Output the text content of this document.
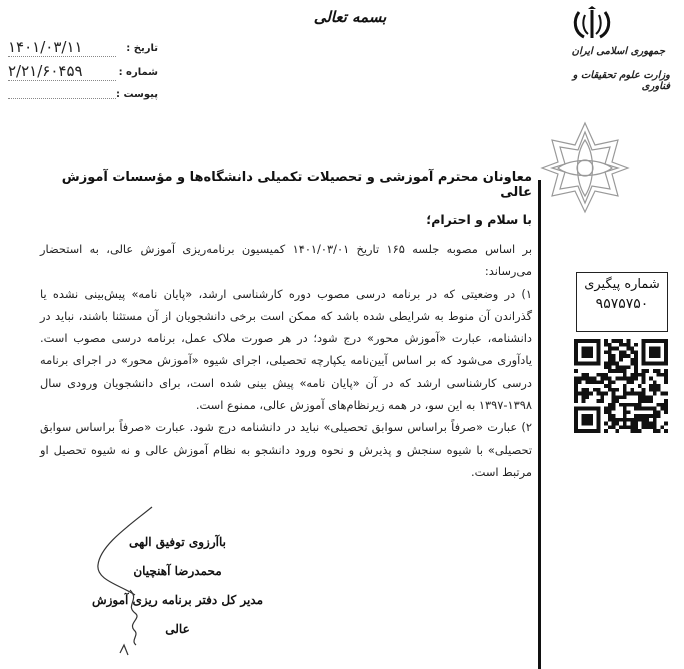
تاریخ :
۱۴۰۱/۰۳/۱۱
شماره :
۲/۲۱/۶۰۴۵۹
پیوست :
بسمه تعالی
جمهوری اسلامی ایران
وزارت علوم تحقیقات و فناوری
معاونان محترم آموزشی و تحصیلات تکمیلی دانشگاه‌ها و مؤسسات آموزش عالی
با سلام و احترام؛

بر اساس مصوبه جلسه ۱۶۵ تاریخ ۱۴۰۱/۰۳/۰۱ کمیسیون برنامه‌ریزی آموزش عالی، به استحضار می‌رساند:

۱) در وضعیتی که در برنامه درسی مصوب دوره کارشناسی ارشد، «پایان نامه» پیش‌بینی نشده یا گذراندن آن منوط به شرایطی شده باشد که ممکن است برخی دانشجویان از آن مستثنا باشند، نباید در دانشنامه، عبارت «آموزش محور» درج شود؛ در هر صورت ملاک عمل، برنامه درسی مصوب است. یادآوری می‌شود که بر اساس آیین‌نامه یکپارچه تحصیلی، اجرای شیوه «آموزش محور» در اجرای برنامه درسی کارشناسی ارشد که در آن «پایان نامه» پیش بینی شده است، برای دانشجویان ورودی سال ۱۳۹۸-۱۳۹۷ به این سو، در همه زیرنظام‌های آموزش عالی، ممنوع است.

۲) عبارت «صرفاً براساس سوابق تحصیلی» نباید در دانشنامه درج شود. عبارت «صرفاً براساس سوابق تحصیلی» با شیوه سنجش و پذیرش و نحوه ورود دانشجو به نظام آموزش عالی و نه شیوه تحصیل او مرتبط است.

شماره پیگیری
۹۵۷۵۷۵۰
باآرزوی توفیق الهی
محمدرضا آهنچیان
مدیر کل دفتر برنامه ریزی آموزش عالی
